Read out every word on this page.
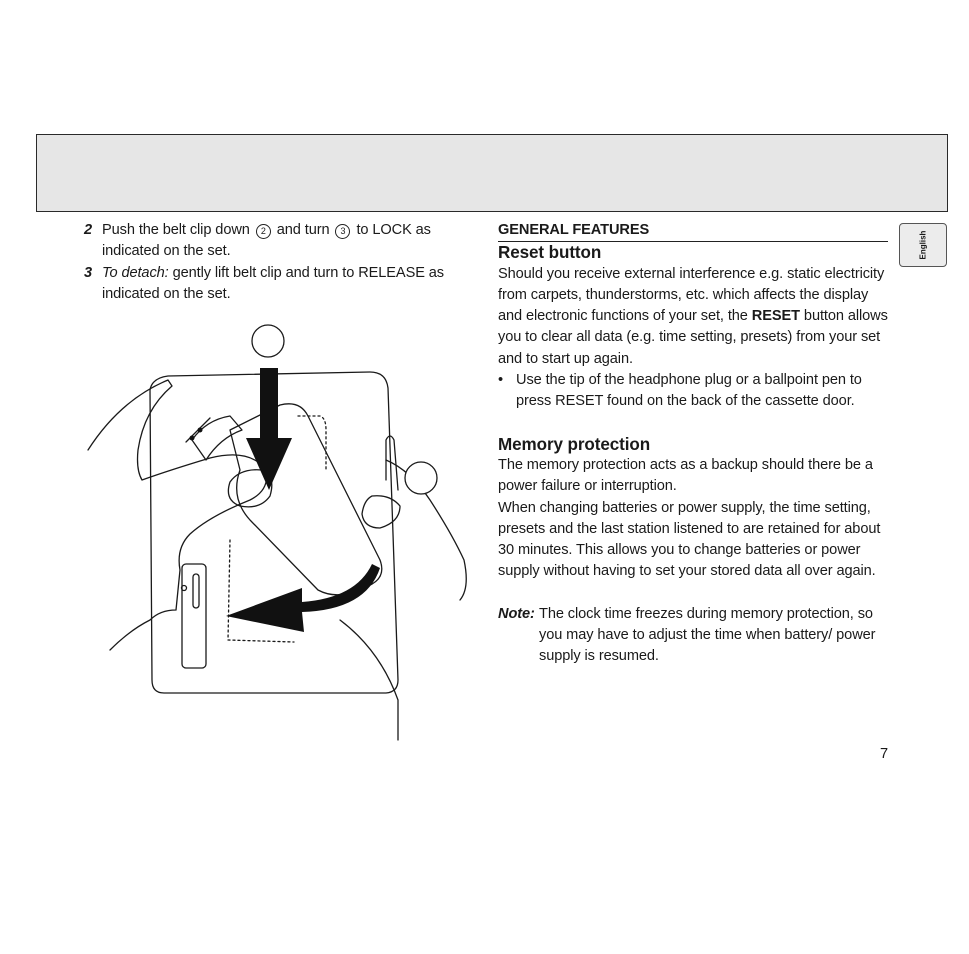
English
2 Push the belt clip down 2 and turn 3 to LOCK as indicated on the set.
3 To detach: gently lift belt clip and turn to RELEASE as indicated on the set.
GENERAL FEATURES
Reset button

Should you receive external interference e.g. static electricity from carpets, thunderstorms, etc. which affects the display and electronic functions of your set, the RESET button allows you to clear all data (e.g. time setting, presets) from your set and to start up again.

• Use the tip of the headphone plug or a ballpoint pen to press RESET found on the back of the cassette door.
Memory protection

The memory protection acts as a backup should there be a power failure or interruption.

When changing batteries or power supply, the time setting, presets and the last station listened to are retained for about 30 minutes. This allows you to change batteries or power supply without having to set your stored data all over again.

Note: The clock time freezes during memory protection, so you may have to adjust the time when battery/ power supply is resumed.
7
